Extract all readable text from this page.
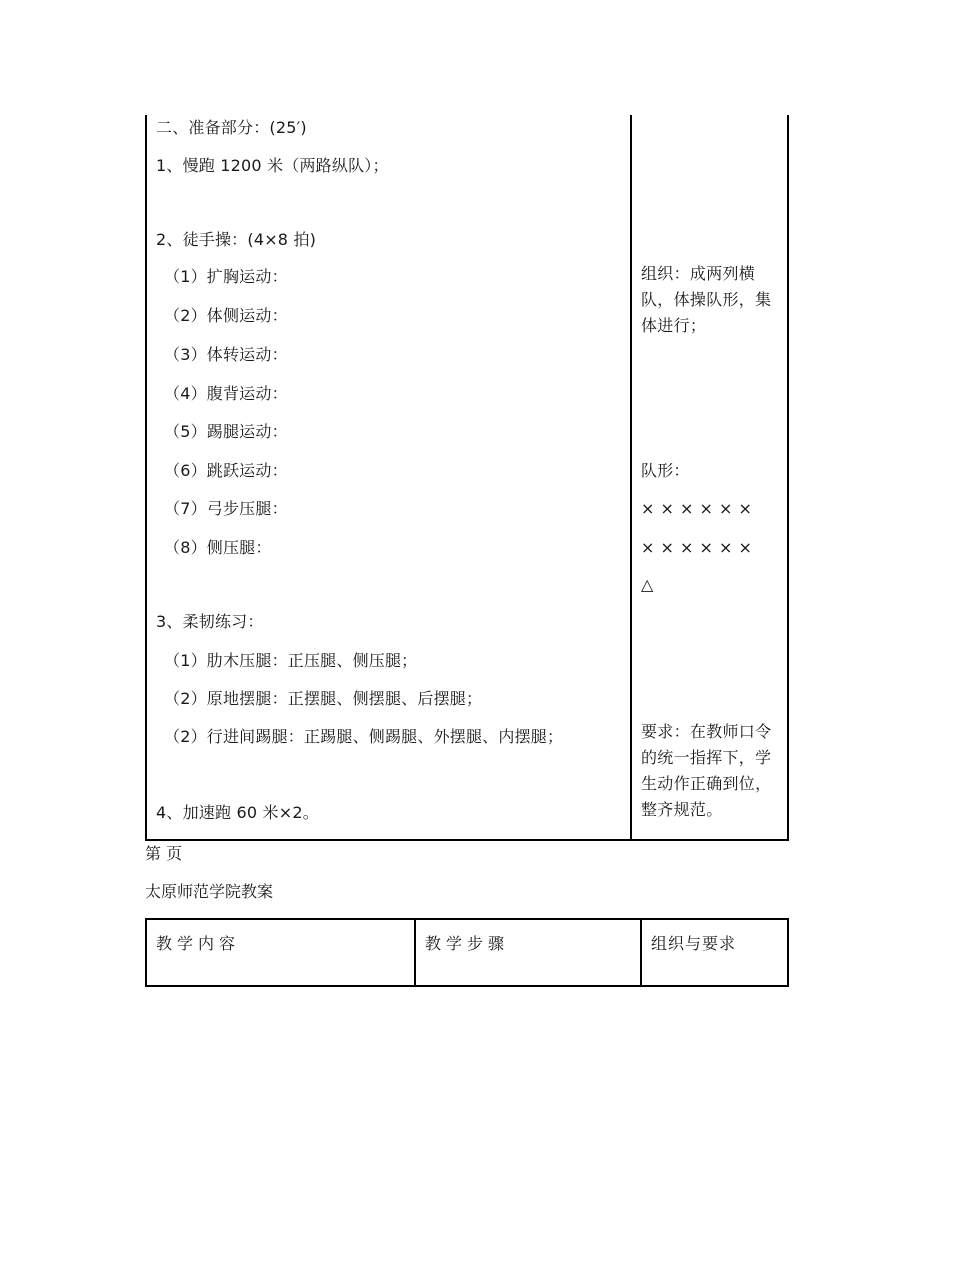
二、准备部分：(25′)
1、慢跑 1200 米（两路纵队）；
2、徒手操：(4×8 拍)
（1）扩胸运动：
（2）体侧运动：
（3）体转运动：
（4）腹背运动：
（5）踢腿运动：
（6）跳跃运动：
（7）弓步压腿：
（8）侧压腿：
3、柔韧练习：
（1）肋木压腿：正压腿、侧压腿；
（2）原地摆腿：正摆腿、侧摆腿、后摆腿；
（2）行进间踢腿：正踢腿、侧踢腿、外摆腿、内摆腿；
4、加速跑 60 米×2。
组织：成两列横队，体操队形，集体进行；
队形：
× × × × × ×
× × × × × ×
△
要求：在教师口令的统一指挥下，学生动作正确到位，整齐规范。
第 页
太原师范学院教案
教学内容	教学步骤	组织与要求
